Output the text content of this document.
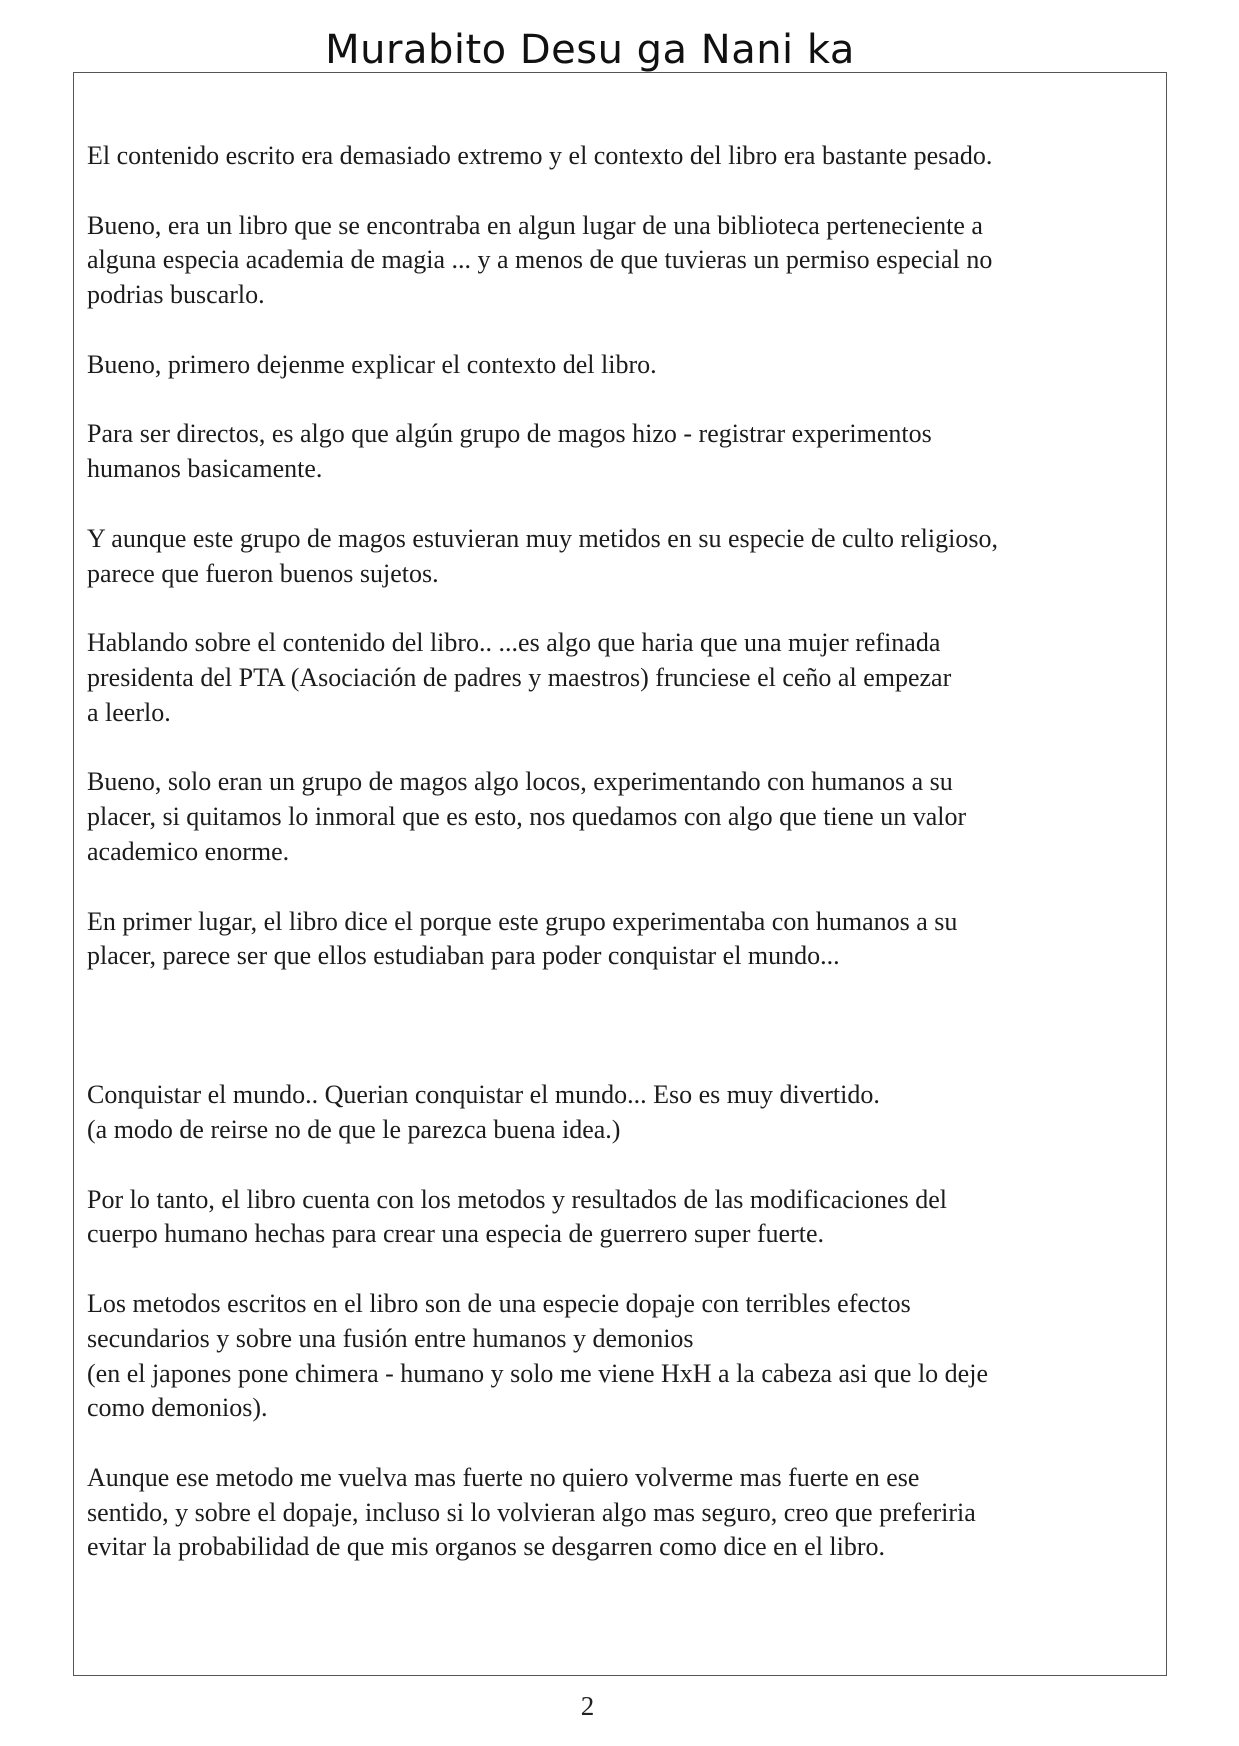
Murabito Desu ga Nani ka

El contenido escrito era demasiado extremo y el contexto del libro era bastante pesado.

Bueno, era un libro que se encontraba en algun lugar de una biblioteca perteneciente a
alguna especia academia de magia ... y a menos de que tuvieras un permiso especial no
podrias buscarlo.

Bueno, primero dejenme explicar el contexto del libro.

Para ser directos, es algo que algún grupo de magos hizo - registrar experimentos
humanos basicamente.

Y aunque este grupo de magos estuvieran muy metidos en su especie de culto religioso,
parece que fueron buenos sujetos.

Hablando sobre el contenido del libro.. ...es algo que haria que una mujer refinada
presidenta del PTA (Asociación de padres y maestros) frunciese el ceño al empezar
a leerlo.

Bueno, solo eran un grupo de magos algo locos, experimentando con humanos a su
placer, si quitamos lo inmoral que es esto, nos quedamos con algo que tiene un valor
academico enorme.

En primer lugar, el libro dice el porque este grupo experimentaba con humanos a su
placer, parece ser que ellos estudiaban para poder conquistar el mundo...

Conquistar el mundo.. Querian conquistar el mundo... Eso es muy divertido.
(a modo de reirse no de que le parezca buena idea.)

Por lo tanto, el libro cuenta con los metodos y resultados de las modificaciones del
cuerpo humano hechas para crear una especia de guerrero super fuerte.

Los metodos escritos en el libro son de una especie dopaje con terribles efectos
secundarios y sobre una fusión entre humanos y demonios
(en el japones pone chimera - humano y solo me viene HxH a la cabeza asi que lo deje
como demonios).

Aunque ese metodo me vuelva mas fuerte no quiero volverme mas fuerte en ese
sentido, y sobre el dopaje, incluso si lo volvieran algo mas seguro, creo que preferiria
evitar la probabilidad de que mis organos se desgarren como dice en el libro.

2
